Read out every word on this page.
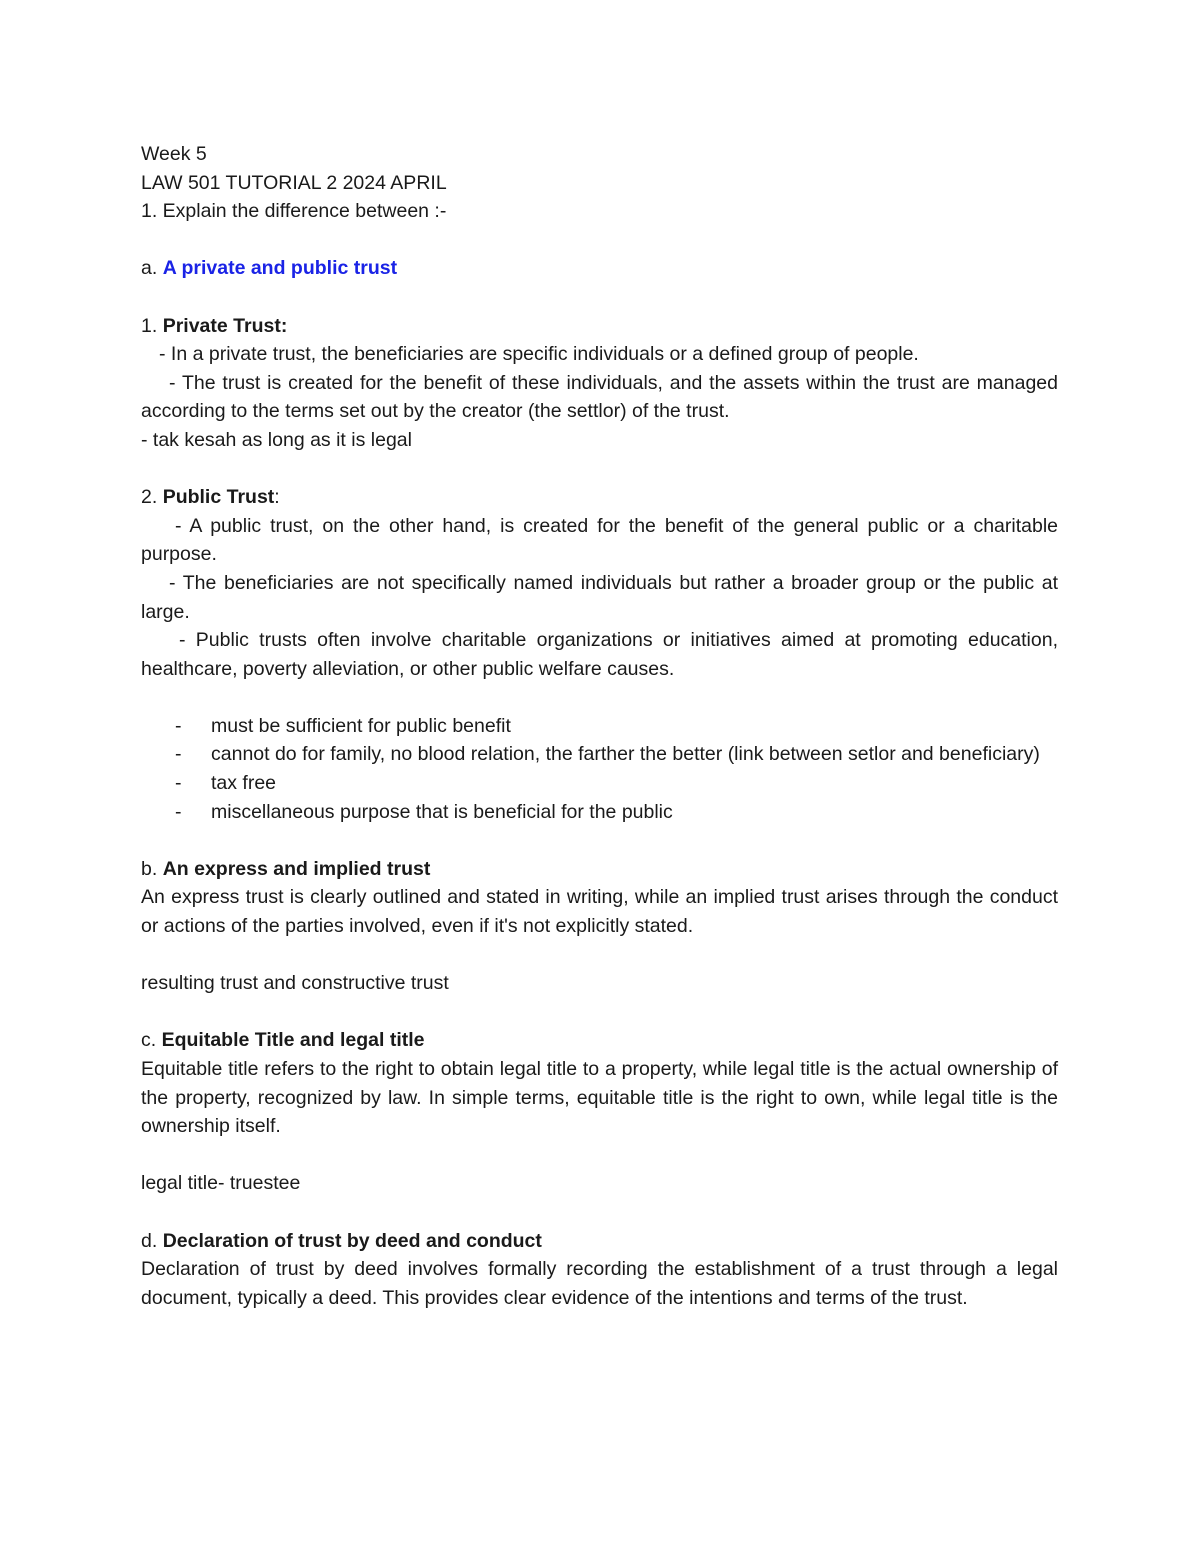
Week 5

LAW 501 TUTORIAL 2 2024 APRIL

1. Explain the difference between :-

a. A private and public trust

1. Private Trust:

- In a private trust, the beneficiaries are specific individuals or a defined group of people.

- The trust is created for the benefit of these individuals, and the assets within the trust are managed according to the terms set out by the creator (the settlor) of the trust.

- tak kesah as long as it is legal

2. Public Trust:

- A public trust, on the other hand, is created for the benefit of the general public or a charitable purpose.

- The beneficiaries are not specifically named individuals but rather a broader group or the public at large.

- Public trusts often involve charitable organizations or initiatives aimed at promoting education, healthcare, poverty alleviation, or other public welfare causes.

- must be sufficient for public benefit
- cannot do for family, no blood relation, the farther the better (link between setlor and beneficiary)
- tax free
- miscellaneous purpose that is beneficial for the public

b. An express and implied trust

An express trust is clearly outlined and stated in writing, while an implied trust arises through the conduct or actions of the parties involved, even if it's not explicitly stated.

resulting trust and constructive trust

c. Equitable Title and legal title

Equitable title refers to the right to obtain legal title to a property, while legal title is the actual ownership of the property, recognized by law. In simple terms, equitable title is the right to own, while legal title is the ownership itself.

legal title- truestee

d. Declaration of trust by deed and conduct

Declaration of trust by deed involves formally recording the establishment of a trust through a legal document, typically a deed. This provides clear evidence of the intentions and terms of the trust.
